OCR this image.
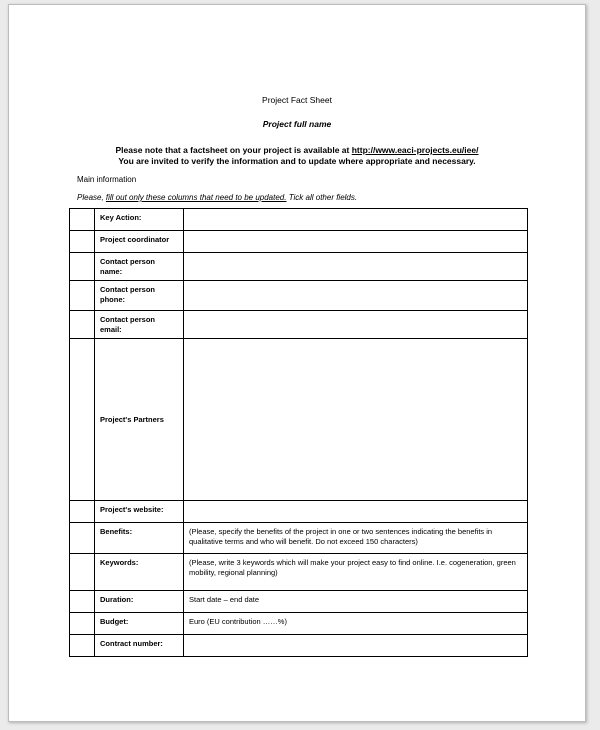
Project Fact Sheet
Project full name
Please note that a factsheet on your project is available at http://www.eaci-projects.eu/iee/
You are invited to verify the information and to update where appropriate and necessary.
Main information
Please, fill out only these columns that need to be updated. Tick all other fields.
	Key Action:	
	Project coordinator	
	Contact person name:	
	Contact person phone:	
	Contact person email:	
	Project's Partners	
	Project's website:	
	Benefits:	(Please, specify the benefits of the project in one or two sentences indicating the benefits in qualitative terms and who will benefit. Do not exceed 150 characters)
	Keywords:	(Please, write 3 keywords which will make your project easy to find online. I.e. cogeneration, green mobility, regional planning)
	Duration:	Start date – end date
	Budget:	Euro (EU contribution ……%)
	Contract number:	
